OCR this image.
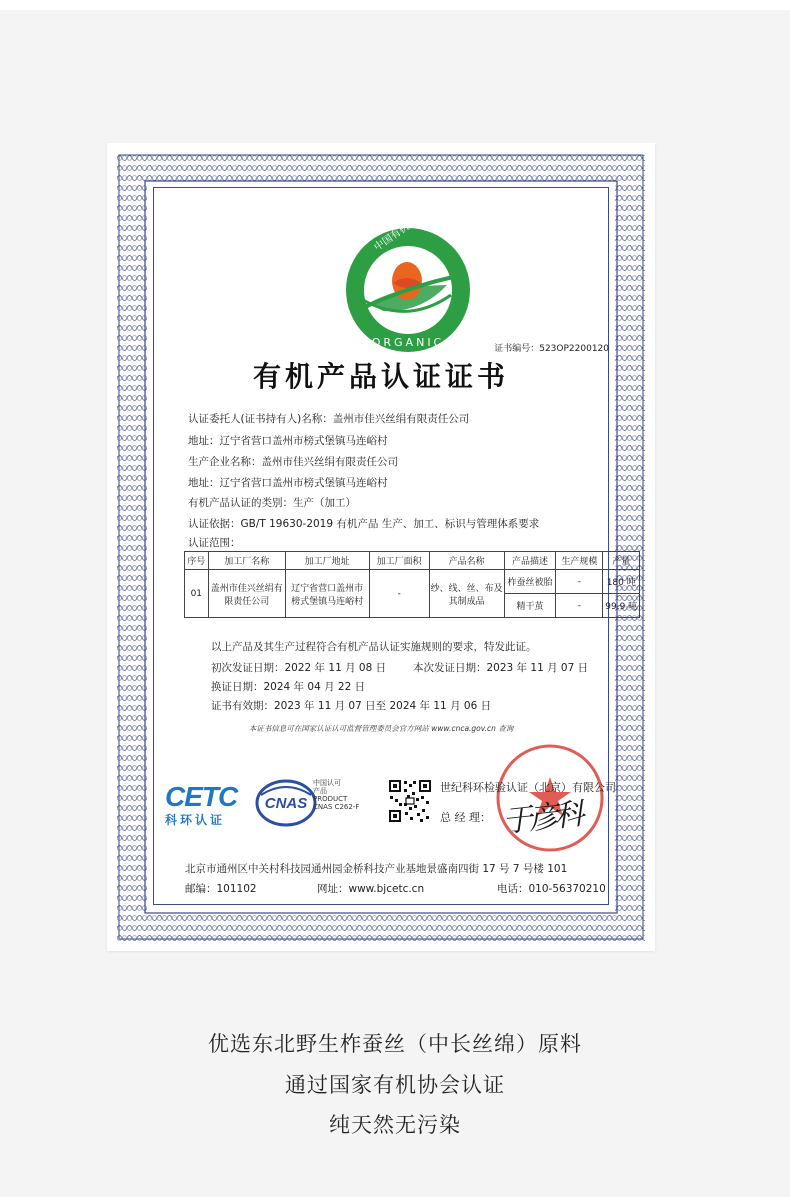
ORGANIC	证书编号：523OP2200120
有机产品认证证书
认证委托人(证书持有人)名称：盖州市佳兴丝绢有限责任公司
地址：辽宁省营口盖州市榜式堡镇马连峪村
生产企业名称：盖州市佳兴丝绢有限责任公司
地址：辽宁省营口盖州市榜式堡镇马连峪村
有机产品认证的类别：生产（加工）
认证依据：GB/T 19630-2019 有机产品 生产、加工、标识与管理体系要求
认证范围：
序号	加工厂名称	加工厂地址	加工厂面积	产品名称	产品描述	生产规模	产量
01	盖州市佳兴丝绢有限责任公司	辽宁省营口盖州市榜式堡镇马连峪村	-	纱、线、丝、布及其制成品	柞蚕丝被胎	-	180 吨
					精干茧	-	99.9 吨
以上产品及其生产过程符合有机产品认证实施规则的要求，特发此证。
初次发证日期：2022 年 11 月 08 日	本次发证日期：2023 年 11 月 07 日
换证日期：2024 年 04 月 22 日
证书有效期：2023 年 11 月 07 日至 2024 年 11 月 06 日
本证书信息可在国家认证认可监督管理委员会官方网站 www.cnca.gov.cn 查询
CETC
科环认证
CNAS
中国认可
产品
PRODUCT
CNAS C262-F
世纪科环检验认证（北京）有限公司
总 经 理： 于彦科
北京市通州区中关村科技园通州园金桥科技产业基地景盛南四街 17 号 7 号楼 101
邮编：101102	网址：www.bjcetc.cn	电话：010-56370210
优选东北野生柞蚕丝（中长丝绵）原料
通过国家有机协会认证
纯天然无污染
